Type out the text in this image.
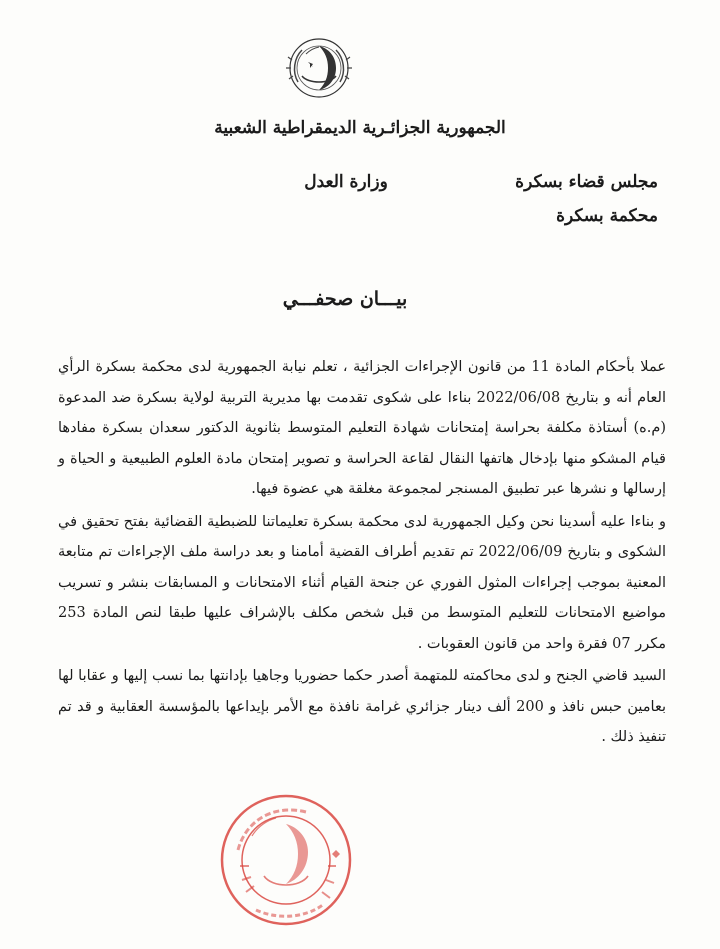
الجمهورية الجزائـرية الديمقراطية الشعبية
وزارة العدل	مجلس قضاء بسكرة
محكمة بسكرة
بيـــان صحفـــي

عملا بأحكام المادة 11 من قانون الإجراءات الجزائية ، تعلم نيابة الجمهورية لدى محكمة بسكرة الرأي العام أنه و بتاريخ 2022/06/08 بناءا على شكوى تقدمت بها مديرية التربية لولاية بسكرة ضد المدعوة (م.ه) أستاذة مكلفة بحراسة إمتحانات شهادة التعليم المتوسط بثانوية الدكتور سعدان بسكرة مفادها قيام المشكو منها بإدخال هاتفها النقال لقاعة الحراسة و تصوير إمتحان مادة العلوم الطبيعية و الحياة و إرسالها و نشرها عبر تطبيق المسنجر لمجموعة مغلقة هي عضوة فيها.

و بناءا عليه أسدينا نحن وكيل الجمهورية لدى محكمة بسكرة تعليماتنا للضبطية القضائية بفتح تحقيق في الشكوى و بتاريخ 2022/06/09 تم تقديم أطراف القضية أمامنا و بعد دراسة ملف الإجراءات تم متابعة المعنية بموجب إجراءات المثول الفوري عن جنحة القيام أثناء الامتحانات و المسابقات بنشر و تسريب مواضيع الامتحانات للتعليم المتوسط من قبل شخص مكلف بالإشراف عليها طبقا لنص المادة 253 مكرر 07 فقرة واحد من قانون العقوبات .

السيد قاضي الجنح و لدى محاكمته للمتهمة أصدر حكما حضوريا وجاهيا بإدانتها بما نسب إليها و عقابا لها بعامين حبس نافذ و 200 ألف دينار جزائري غرامة نافذة مع الأمر بإيداعها بالمؤسسة العقابية و قد تم تنفيذ ذلك .
